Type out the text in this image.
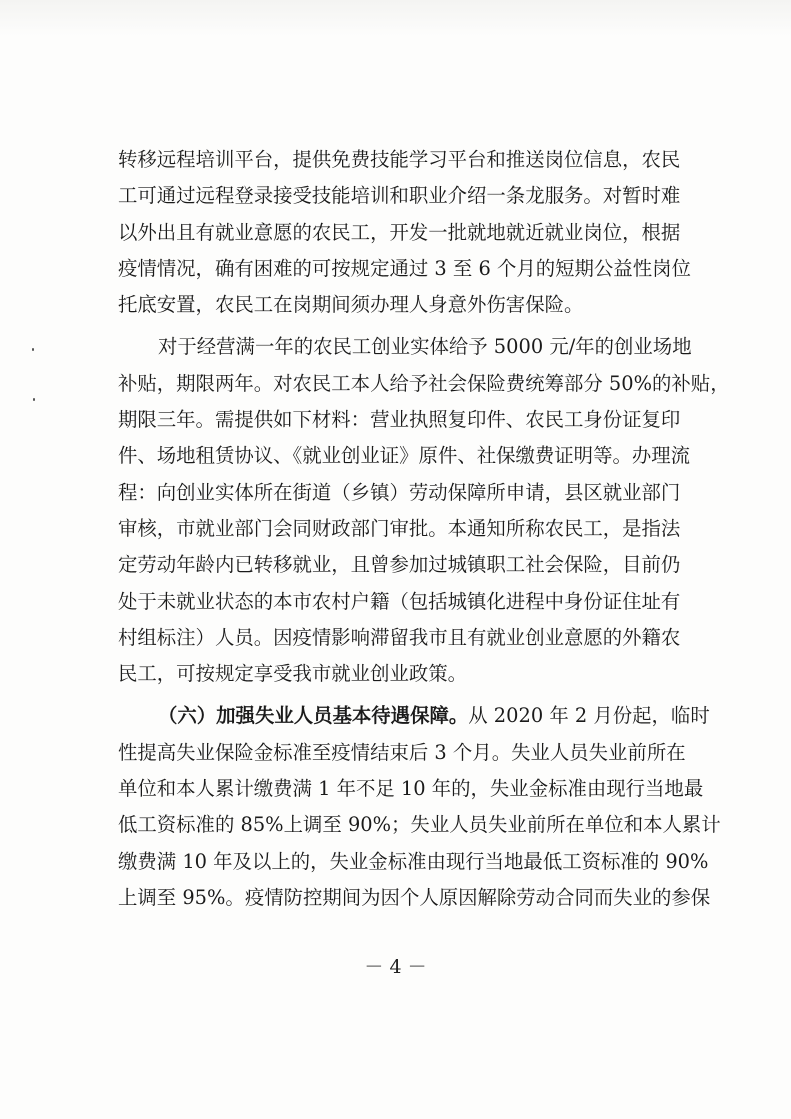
转移远程培训平台，提供免费技能学习平台和推送岗位信息，农民
工可通过远程登录接受技能培训和职业介绍一条龙服务。对暂时难
以外出且有就业意愿的农民工，开发一批就地就近就业岗位，根据
疫情情况，确有困难的可按规定通过 3 至 6 个月的短期公益性岗位
托底安置，农民工在岗期间须办理人身意外伤害保险。
对于经营满一年的农民工创业实体给予 5000 元/年的创业场地
补贴，期限两年。对农民工本人给予社会保险费统筹部分 50%的补贴，
期限三年。需提供如下材料：营业执照复印件、农民工身份证复印
件、场地租赁协议、《就业创业证》原件、社保缴费证明等。办理流
程：向创业实体所在街道（乡镇）劳动保障所申请，县区就业部门
审核，市就业部门会同财政部门审批。本通知所称农民工，是指法
定劳动年龄内已转移就业，且曾参加过城镇职工社会保险，目前仍
处于未就业状态的本市农村户籍（包括城镇化进程中身份证住址有
村组标注）人员。因疫情影响滞留我市且有就业创业意愿的外籍农
民工，可按规定享受我市就业创业政策。
（六）加强失业人员基本待遇保障。从 2020 年 2 月份起，临时
性提高失业保险金标准至疫情结束后 3 个月。失业人员失业前所在
单位和本人累计缴费满 1 年不足 10 年的，失业金标准由现行当地最
低工资标准的 85%上调至 90%；失业人员失业前所在单位和本人累计
缴费满 10 年及以上的，失业金标准由现行当地最低工资标准的 90%
上调至 95%。疫情防控期间为因个人原因解除劳动合同而失业的参保
－ 4 －
